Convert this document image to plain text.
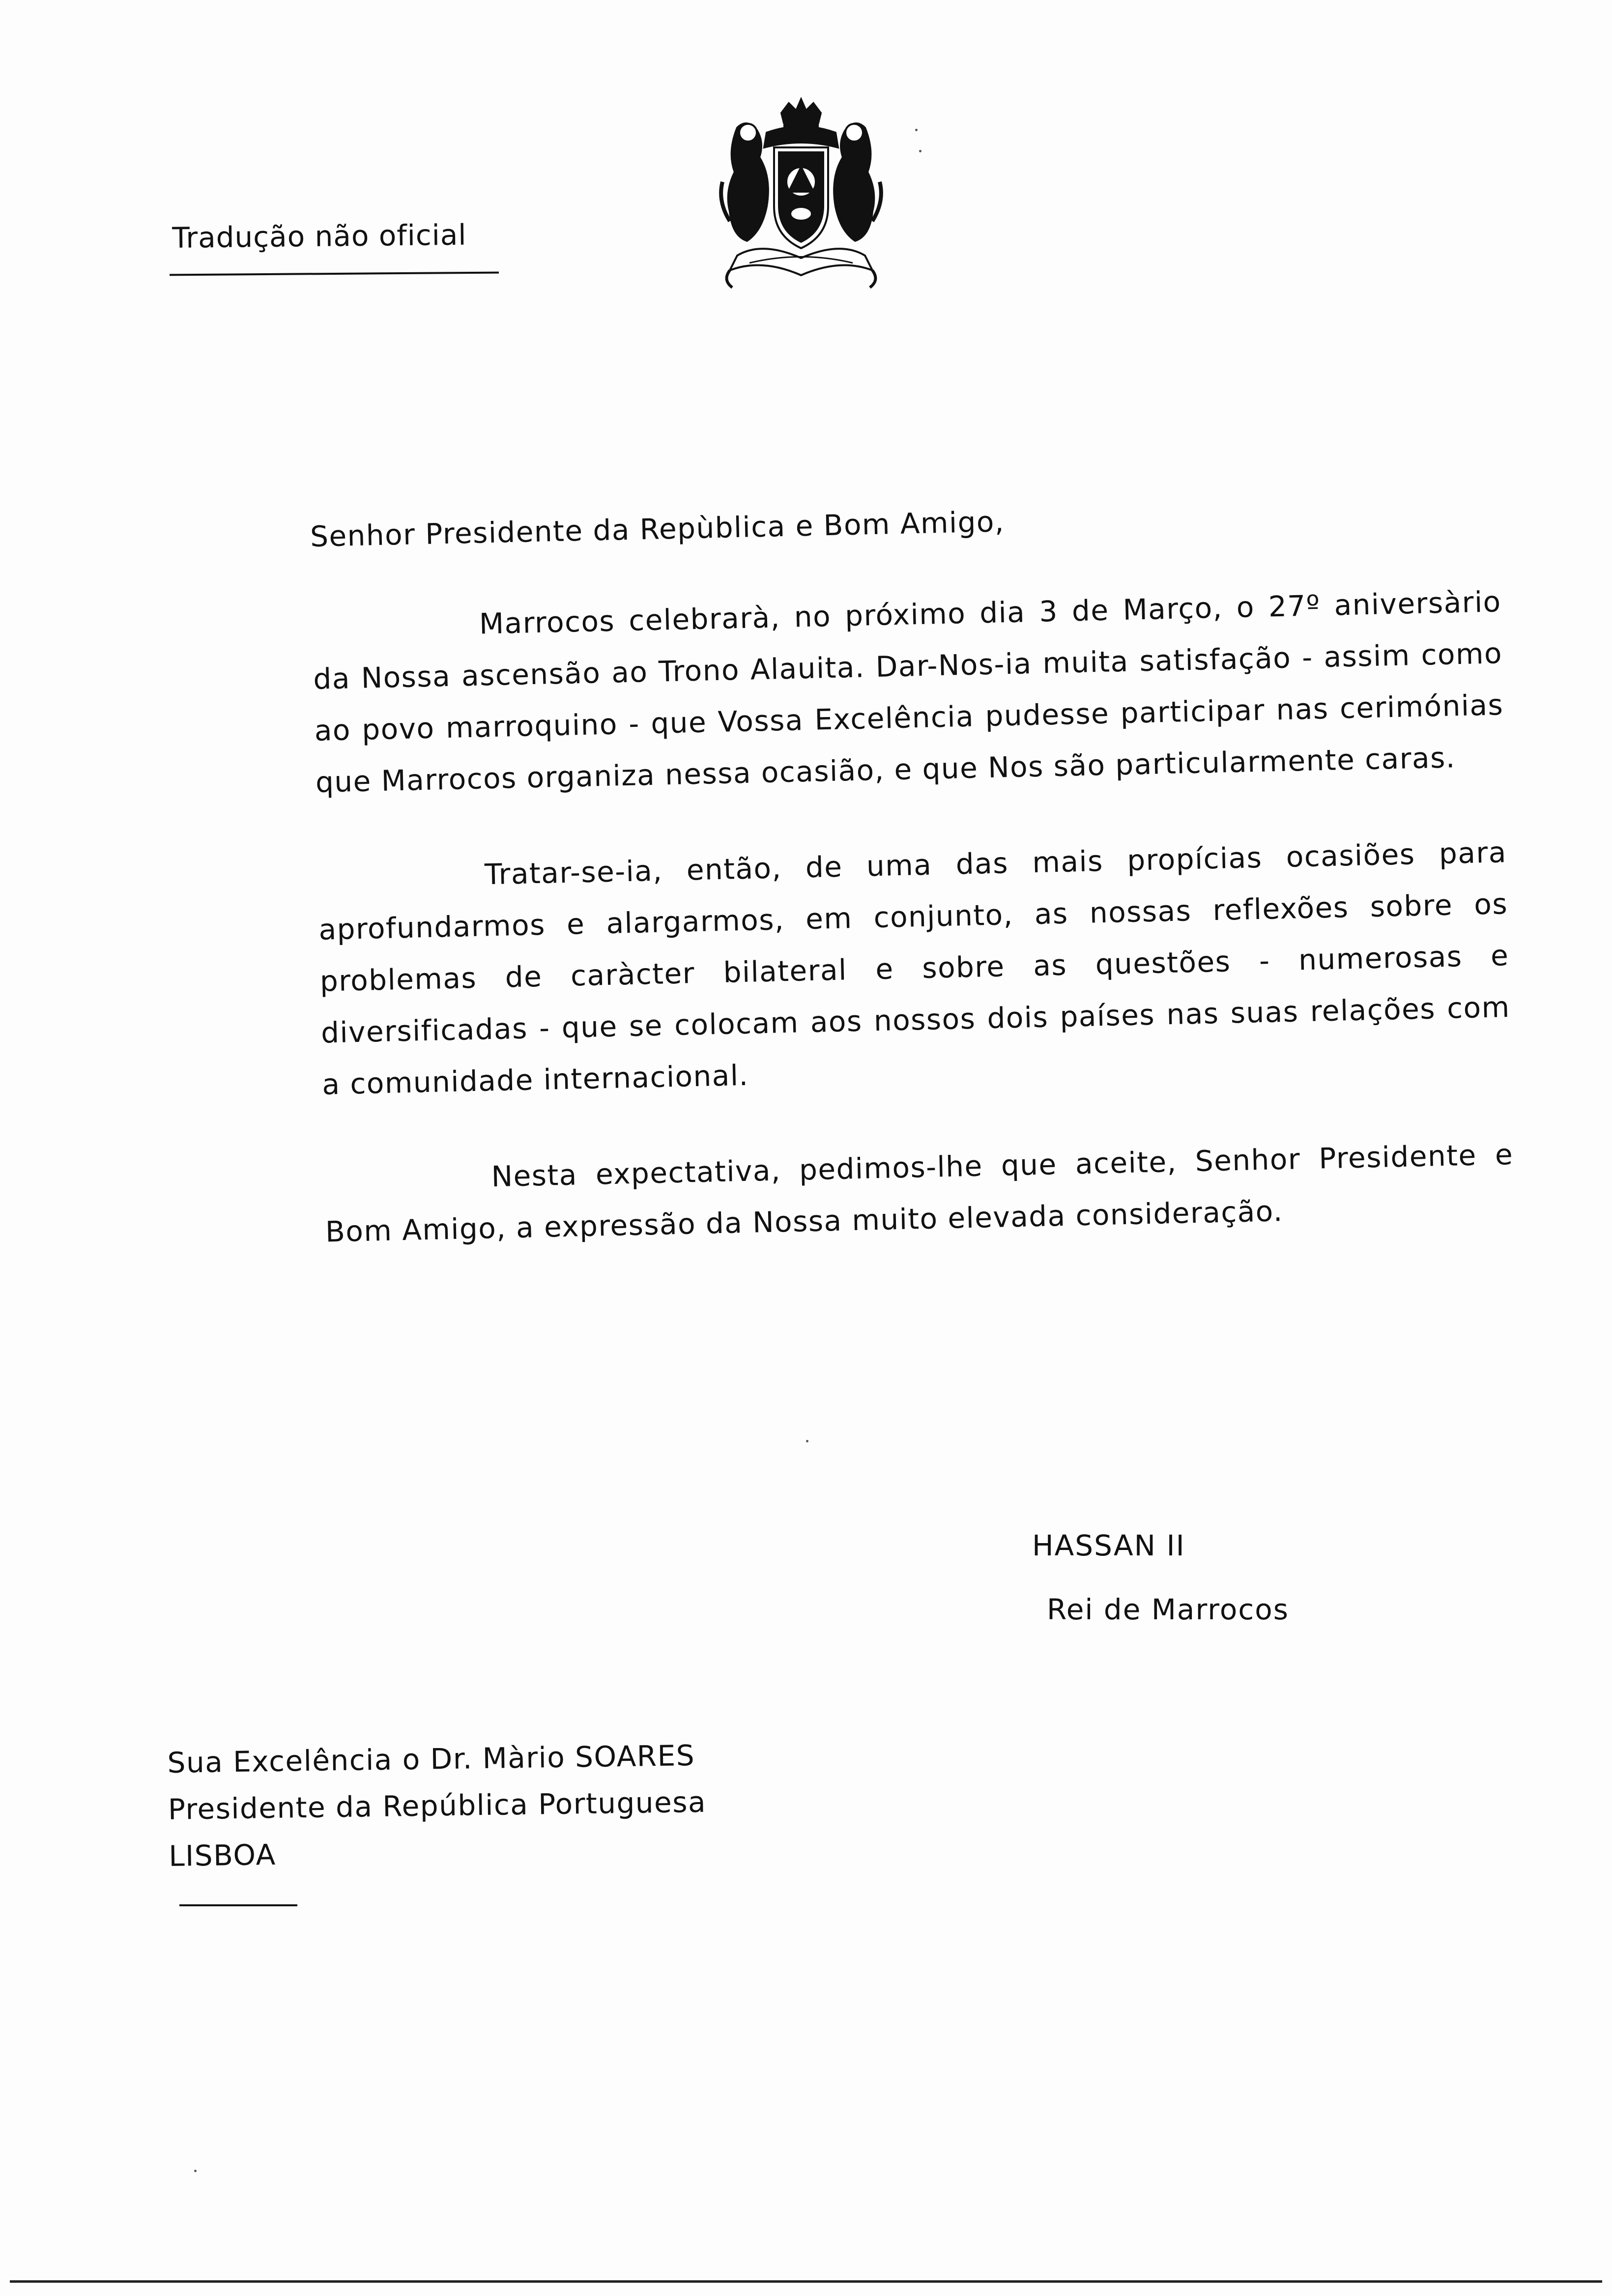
Tradução não oficial

Senhor Presidente da Repùblica e Bom Amigo,

Marrocos celebrarà, no próximo dia 3 de Março, o 27º aniversàrio da Nossa ascensão ao Trono Alauita. Dar-Nos-ia muita satisfação - assim como ao povo marroquino - que Vossa Excelência pudesse participar nas cerimónias que Marrocos organiza nessa ocasião, e que Nos são particularmente caras.

Tratar-se-ia, então, de uma das mais propícias ocasiões para aprofundarmos e alargarmos, em conjunto, as nossas reflexões sobre os problemas de caràcter bilateral e sobre as questões - numerosas e diversificadas - que se colocam aos nossos dois países nas suas relações com a comunidade internacional.

Nesta expectativa, pedimos-lhe que aceite, Senhor Presidente e Bom Amigo, a expressão da Nossa muito elevada consideração.

HASSAN II
Rei de Marrocos
Sua Excelência o Dr. Màrio SOARES
Presidente da República Portuguesa
LISBOA
